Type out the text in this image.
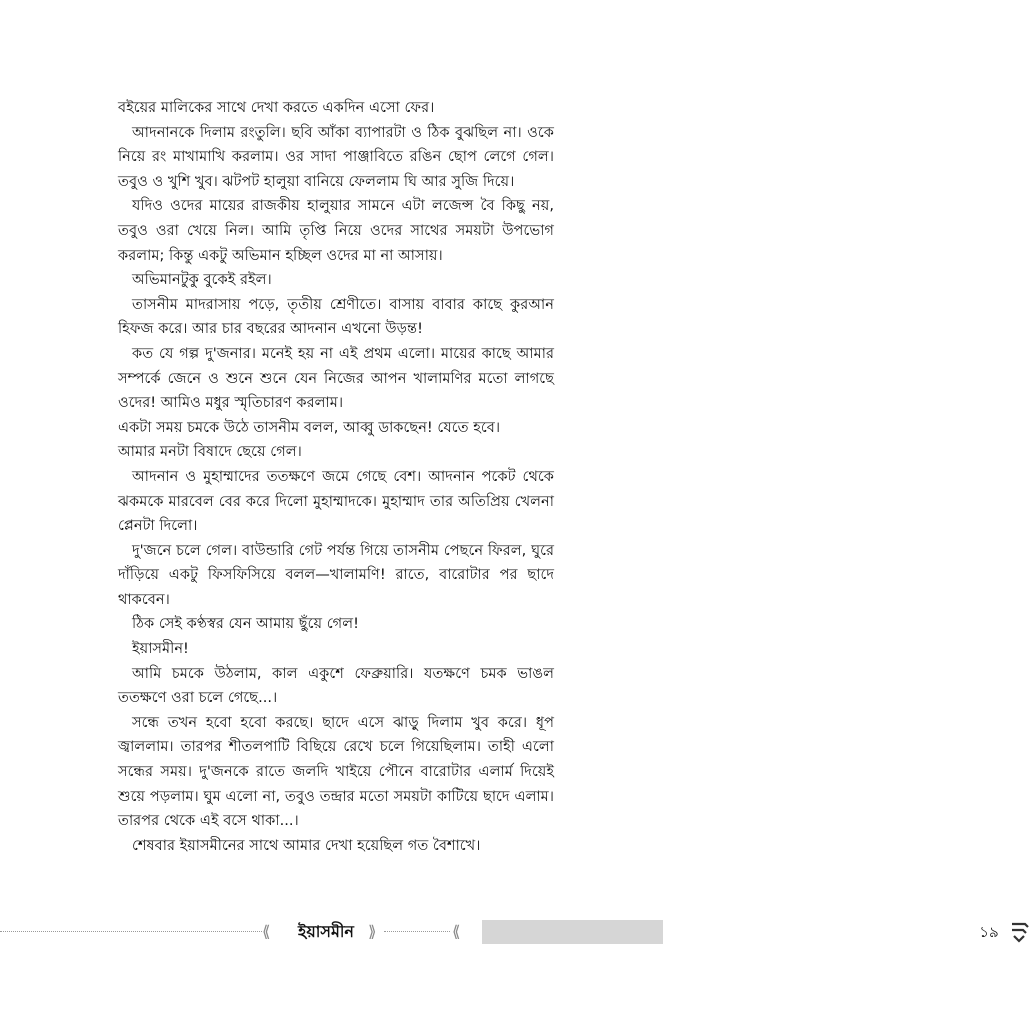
বইয়ের মালিকের সাথে দেখা করতে একদিন এসো ফের।

আদনানকে দিলাম রংতুলি। ছবি আঁকা ব্যাপারটা ও ঠিক বুঝছিল না। ওকে নিয়ে রং মাখামাখি করলাম। ওর সাদা পাঞ্জাবিতে রঙিন ছোপ লেগে গেল। তবুও ও খুশি খুব। ঝটপট হালুয়া বানিয়ে ফেললাম ঘি আর সুজি দিয়ে।

যদিও ওদের মায়ের রাজকীয় হালুয়ার সামনে এটা লজেন্স বৈ কিছু নয়, তবুও ওরা খেয়ে নিল। আমি তৃপ্তি নিয়ে ওদের সাথের সময়টা উপভোগ করলাম; কিন্তু একটু অভিমান হচ্ছিল ওদের মা না আসায়।

অভিমানটুকু বুকেই রইল।

তাসনীম মাদরাসায় পড়ে, তৃতীয় শ্রেণীতে। বাসায় বাবার কাছে কুরআন হিফজ করে। আর চার বছরের আদনান এখনো উড়ন্ত!

কত যে গল্প দু'জনার। মনেই হয় না এই প্রথম এলো। মায়ের কাছে আমার সম্পর্কে জেনে ও শুনে শুনে যেন নিজের আপন খালামণির মতো লাগছে ওদের! আমিও মধুর স্মৃতিচারণ করলাম।

একটা সময় চমকে উঠে তাসনীম বলল, আব্বু ডাকছেন! যেতে হবে।

আমার মনটা বিষাদে ছেয়ে গেল।

আদনান ও মুহাম্মাদের ততক্ষণে জমে গেছে বেশ। আদনান পকেট থেকে ঝকমকে মারবেল বের করে দিলো মুহাম্মাদকে। মুহাম্মাদ তার অতিপ্রিয় খেলনা প্লেনটা দিলো।

দু'জনে চলে গেল। বাউন্ডারি গেট পর্যন্ত গিয়ে তাসনীম পেছনে ফিরল, ঘুরে দাঁড়িয়ে একটু ফিসফিসিয়ে বলল—খালামণি! রাতে, বারোটার পর ছাদে থাকবেন।

ঠিক সেই কণ্ঠস্বর যেন আমায় ছুঁয়ে গেল!

ইয়াসমীন!

আমি চমকে উঠলাম, কাল একুশে ফেব্রুয়ারি। যতক্ষণে চমক ভাঙল ততক্ষণে ওরা চলে গেছে...।

সন্ধে তখন হবো হবো করছে। ছাদে এসে ঝাড়ু দিলাম খুব করে। ধূপ জ্বাললাম। তারপর শীতলপাটি বিছিয়ে রেখে চলে গিয়েছিলাম। তাহী এলো সন্ধের সময়। দু'জনকে রাতে জলদি খাইয়ে পৌনে বারোটার এলার্ম দিয়েই শুয়ে পড়লাম। ঘুম এলো না, তবুও তন্দ্রার মতো সময়টা কাটিয়ে ছাদে এলাম। তারপর থেকে এই বসে থাকা...।

শেষবার ইয়াসমীনের সাথে আমার দেখা হয়েছিল গত বৈশাখে।

⟨⟨	ইয়াসমীন ⟩⟩	⟨⟨	১৯
